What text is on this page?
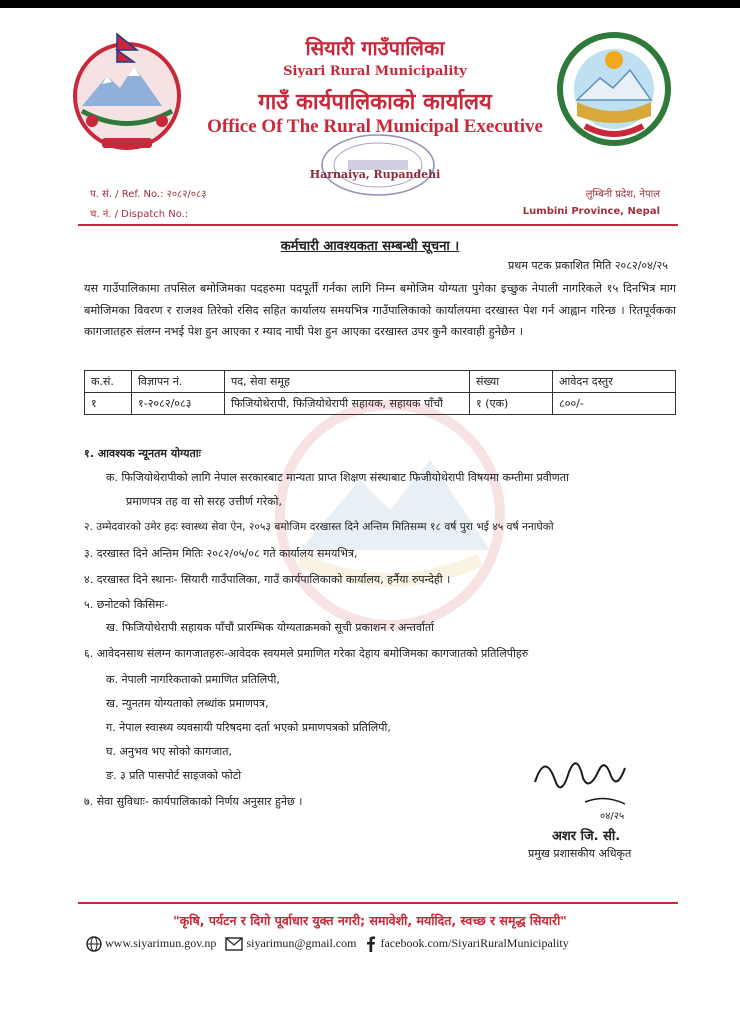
सियारी गाउँपालिका
Siyari Rural Municipality
गाउँ कार्यपालिकाको कार्यालय
Office Of The Rural Municipal Executive
Harnaiya, Rupandehi
प. सं. / Ref. No.: २०८२/०८३
च. नं. / Dispatch No.:
लुम्बिनी प्रदेश, नेपाल
Lumbini Province, Nepal
कर्मचारी आवश्यकता सम्बन्धी सूचना ।
प्रथम पटक प्रकाशित मिति २०८२/०४/२५
यस गाउँपालिकामा तपसिल बमोजिमका पदहरुमा पदपूर्ती गर्नका लागि निम्न बमोजिम योग्यता पुगेका इच्छुक नेपाली नागरिकले १५ दिनभित्र माग बमोजिमका विवरण र राजश्व तिरेको रसिद सहित कार्यालय समयभित्र गाउँपालिकाको कार्यालयमा दरखास्त पेश गर्न आह्वान गरिन्छ । रितपूर्वकका कागजातहरु संलग्न नभई पेश हुन आएका र म्याद नाघी पेश हुन आएका दरखास्त उपर कुनै कारवाही हुनेछैन ।
क.सं.	विज्ञापन नं.	पद, सेवा समूह	संख्या	आवेदन दस्तुर
१	१-२०८२/०८३	फिजियोथेरापी, फिजियोथेरापी सहायक, सहायक पाँचौं	१ (एक)	८००/-
१. आवश्यक न्यूनतम योग्यताः
क. फिजियोथेरापीको लागि नेपाल सरकारबाट मान्यता प्राप्त शिक्षण संस्थाबाट फिजीयोथेरापी विषयमा कम्तीमा प्रवीणता
प्रमाणपत्र तह वा सो सरह उत्तीर्ण गरेको,
२. उम्मेदवारको उमेर हदः स्वास्थ्य सेवा ऐन, २०५३ बमोजिम दरखास्त दिने अन्तिम मितिसम्म १८ वर्ष पुरा भई ४५ वर्ष ननाघेको
३. दरखास्त दिने अन्तिम मितिः २०८२/०५/०८ गते कार्यालय समयभित्र,
४. दरखास्त दिने स्थानः- सियारी गाउँपालिका, गाउँ कार्यपालिकाको कार्यालय, हर्नैया रुपन्देही ।
५. छनोटको किसिमः-
ख. फिजियोथेरापी सहायक पाँचौं प्रारम्भिक योग्यताक्रमको सूची प्रकाशन र अन्तर्वार्ता
६. आवेदनसाथ संलग्न कागजातहरुः-आवेदक स्वयमले प्रमाणित गरेका देहाय बमोजिमका कागजातको प्रतिलिपीहरु
क. नेपाली नागरिकताको प्रमाणित प्रतिलिपी,
ख. न्युनतम योग्यताको लब्धांक प्रमाणपत्र,
ग. नेपाल स्वास्थ्य व्यवसायी परिषदमा दर्ता भएको प्रमाणपत्रको प्रतिलिपी,
घ. अनुभव भए सोको कागजात,
ङ. ३ प्रति पासपोर्ट साइजको फोटो
७. सेवा सुविधाः- कार्यपालिकाको निर्णय अनुसार हुनेछ ।
०४/२५
अशर जि. सी.
प्रमुख प्रशासकीय अधिकृत
"कृषि, पर्यटन र दिगो पूर्वाधार युक्त नगरी; समावेशी, मर्यादित, स्वच्छ र समृद्ध सियारी"
www.siyarimun.gov.np	siyarimun@gmail.com facebook.com/SiyariRuralMunicipality
